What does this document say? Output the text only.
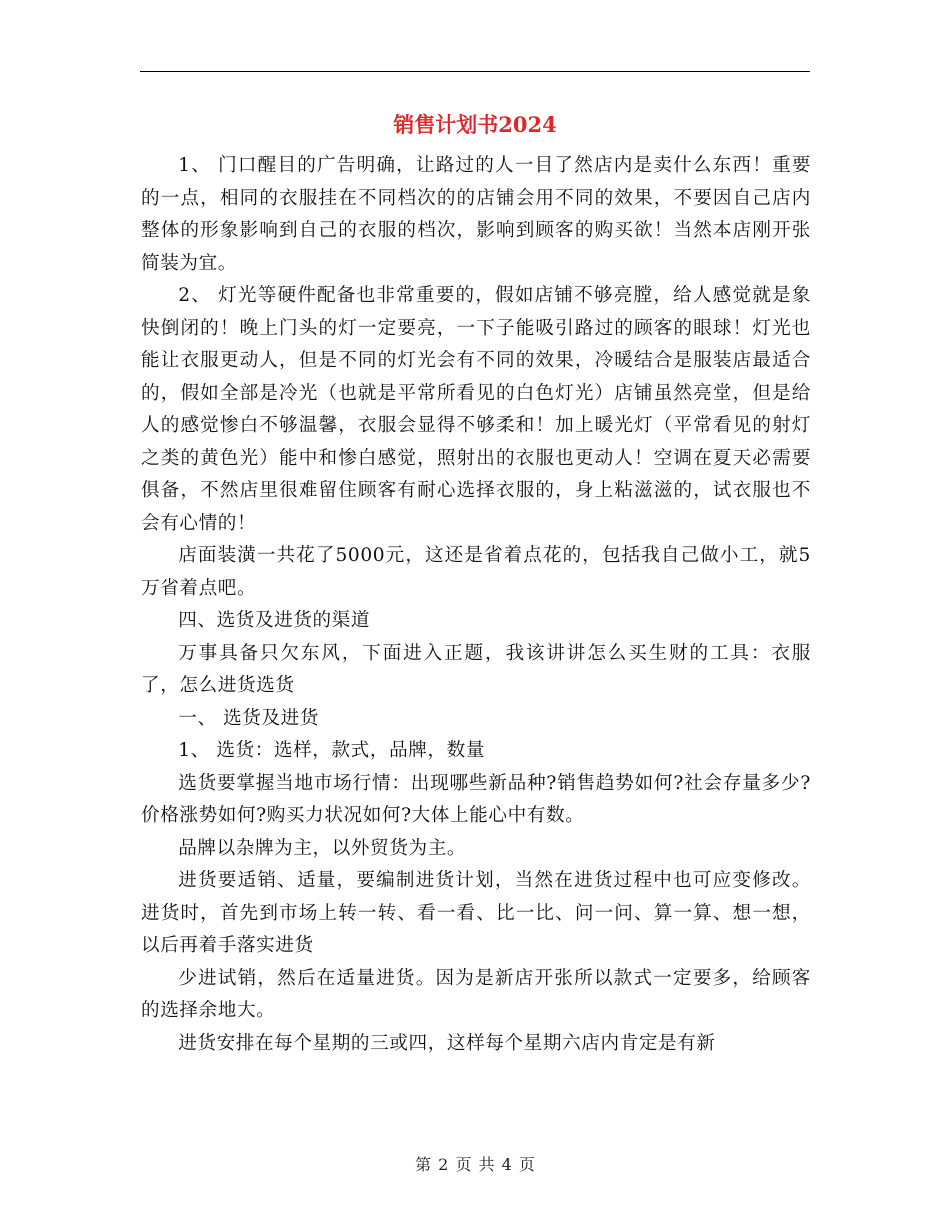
销售计划书2024

1、 门口醒目的广告明确，让路过的人一目了然店内是卖什么东西！重要的一点，相同的衣服挂在不同档次的的店铺会用不同的效果，不要因自己店内整体的形象影响到自己的衣服的档次，影响到顾客的购买欲！当然本店刚开张简装为宜。

2、 灯光等硬件配备也非常重要的，假如店铺不够亮膛，给人感觉就是象快倒闭的！晚上门头的灯一定要亮，一下子能吸引路过的顾客的眼球！灯光也能让衣服更动人，但是不同的灯光会有不同的效果，冷暖结合是服装店最适合的，假如全部是冷光（也就是平常所看见的白色灯光）店铺虽然亮堂，但是给人的感觉惨白不够温馨，衣服会显得不够柔和！加上暖光灯（平常看见的射灯之类的黄色光）能中和惨白感觉，照射出的衣服也更动人！空调在夏天必需要俱备，不然店里很难留住顾客有耐心选择衣服的，身上粘滋滋的，试衣服也不会有心情的！

店面装潢一共花了5000元，这还是省着点花的，包括我自己做小工，就5万省着点吧。

四、选货及进货的渠道

万事具备只欠东风，下面进入正题，我该讲讲怎么买生财的工具：衣服了，怎么进货选货

一、 选货及进货

1、 选货：选样，款式，品牌，数量

选货要掌握当地市场行情：出现哪些新品种?销售趋势如何?社会存量多少?价格涨势如何?购买力状况如何?大体上能心中有数。

品牌以杂牌为主，以外贸货为主。

进货要适销、适量，要编制进货计划，当然在进货过程中也可应变修改。进货时，首先到市场上转一转、看一看、比一比、问一问、算一算、想一想，以后再着手落实进货

少进试销，然后在适量进货。因为是新店开张所以款式一定要多，给顾客的选择余地大。

进货安排在每个星期的三或四，这样每个星期六店内肯定是有新

第 2 页 共 4 页
